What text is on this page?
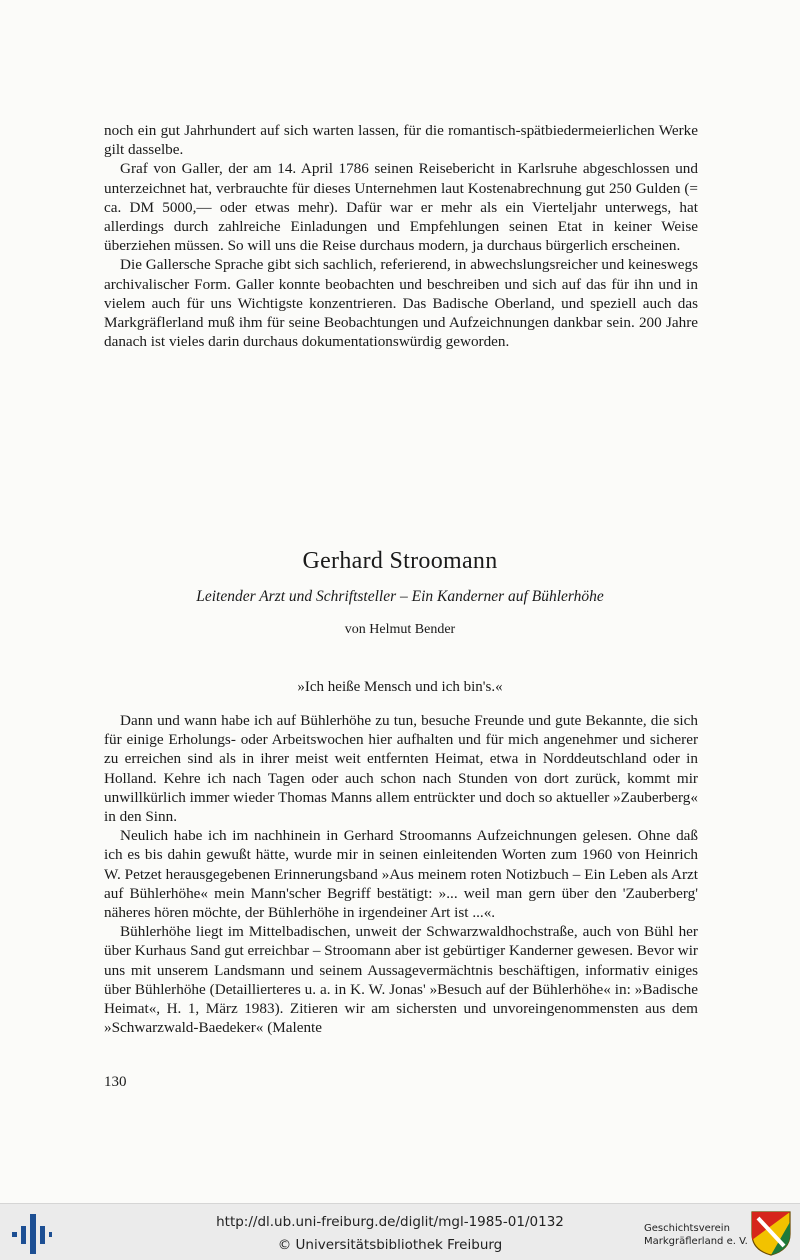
noch ein gut Jahrhundert auf sich warten lassen, für die romantisch-spätbiedermeierlichen Werke gilt dasselbe.

Graf von Galler, der am 14. April 1786 seinen Reisebericht in Karlsruhe abgeschlossen und unterzeichnet hat, verbrauchte für dieses Unternehmen laut Kostenabrechnung gut 250 Gulden (= ca. DM 5000,— oder etwas mehr). Dafür war er mehr als ein Vierteljahr unterwegs, hat allerdings durch zahlreiche Einladungen und Empfehlungen seinen Etat in keiner Weise überziehen müssen. So will uns die Reise durchaus modern, ja durchaus bürgerlich erscheinen.

Die Gallersche Sprache gibt sich sachlich, referierend, in abwechslungsreicher und keineswegs archivalischer Form. Galler konnte beobachten und beschreiben und sich auf das für ihn und in vielem auch für uns Wichtigste konzentrieren. Das Badische Oberland, und speziell auch das Markgräflerland muß ihm für seine Beobachtungen und Aufzeichnungen dankbar sein. 200 Jahre danach ist vieles darin durchaus dokumentationswürdig geworden.

Gerhard Stroomann
Leitender Arzt und Schriftsteller – Ein Kanderner auf Bühlerhöhe
von Helmut Bender
»Ich heiße Mensch und ich bin's.«

Dann und wann habe ich auf Bühlerhöhe zu tun, besuche Freunde und gute Bekannte, die sich für einige Erholungs- oder Arbeitswochen hier aufhalten und für mich angenehmer und sicherer zu erreichen sind als in ihrer meist weit entfernten Heimat, etwa in Norddeutschland oder in Holland. Kehre ich nach Tagen oder auch schon nach Stunden von dort zurück, kommt mir unwillkürlich immer wieder Thomas Manns allem entrückter und doch so aktueller »Zauberberg« in den Sinn.

Neulich habe ich im nachhinein in Gerhard Stroomanns Aufzeichnungen gelesen. Ohne daß ich es bis dahin gewußt hätte, wurde mir in seinen einleitenden Worten zum 1960 von Heinrich W. Petzet herausgegebenen Erinnerungsband »Aus meinem roten Notizbuch – Ein Leben als Arzt auf Bühlerhöhe« mein Mann'scher Begriff bestätigt: »... weil man gern über den 'Zauberberg' näheres hören möchte, der Bühlerhöhe in irgendeiner Art ist ...«.

Bühlerhöhe liegt im Mittelbadischen, unweit der Schwarzwaldhochstraße, auch von Bühl her über Kurhaus Sand gut erreichbar – Stroomann aber ist gebürtiger Kanderner gewesen. Bevor wir uns mit unserem Landsmann und seinem Aussagevermächtnis beschäftigen, informativ einiges über Bühlerhöhe (Detaillierteres u. a. in K. W. Jonas' »Besuch auf der Bühlerhöhe« in: »Badische Heimat«, H. 1, März 1983). Zitieren wir am sichersten und unvoreingenommensten aus dem »Schwarzwald-Baedeker« (Malente

130
http://dl.ub.uni-freiburg.de/diglit/mgl-1985-01/0132
© Universitätsbibliothek Freiburg
Geschichtsverein
Markgräflerland e. V.
